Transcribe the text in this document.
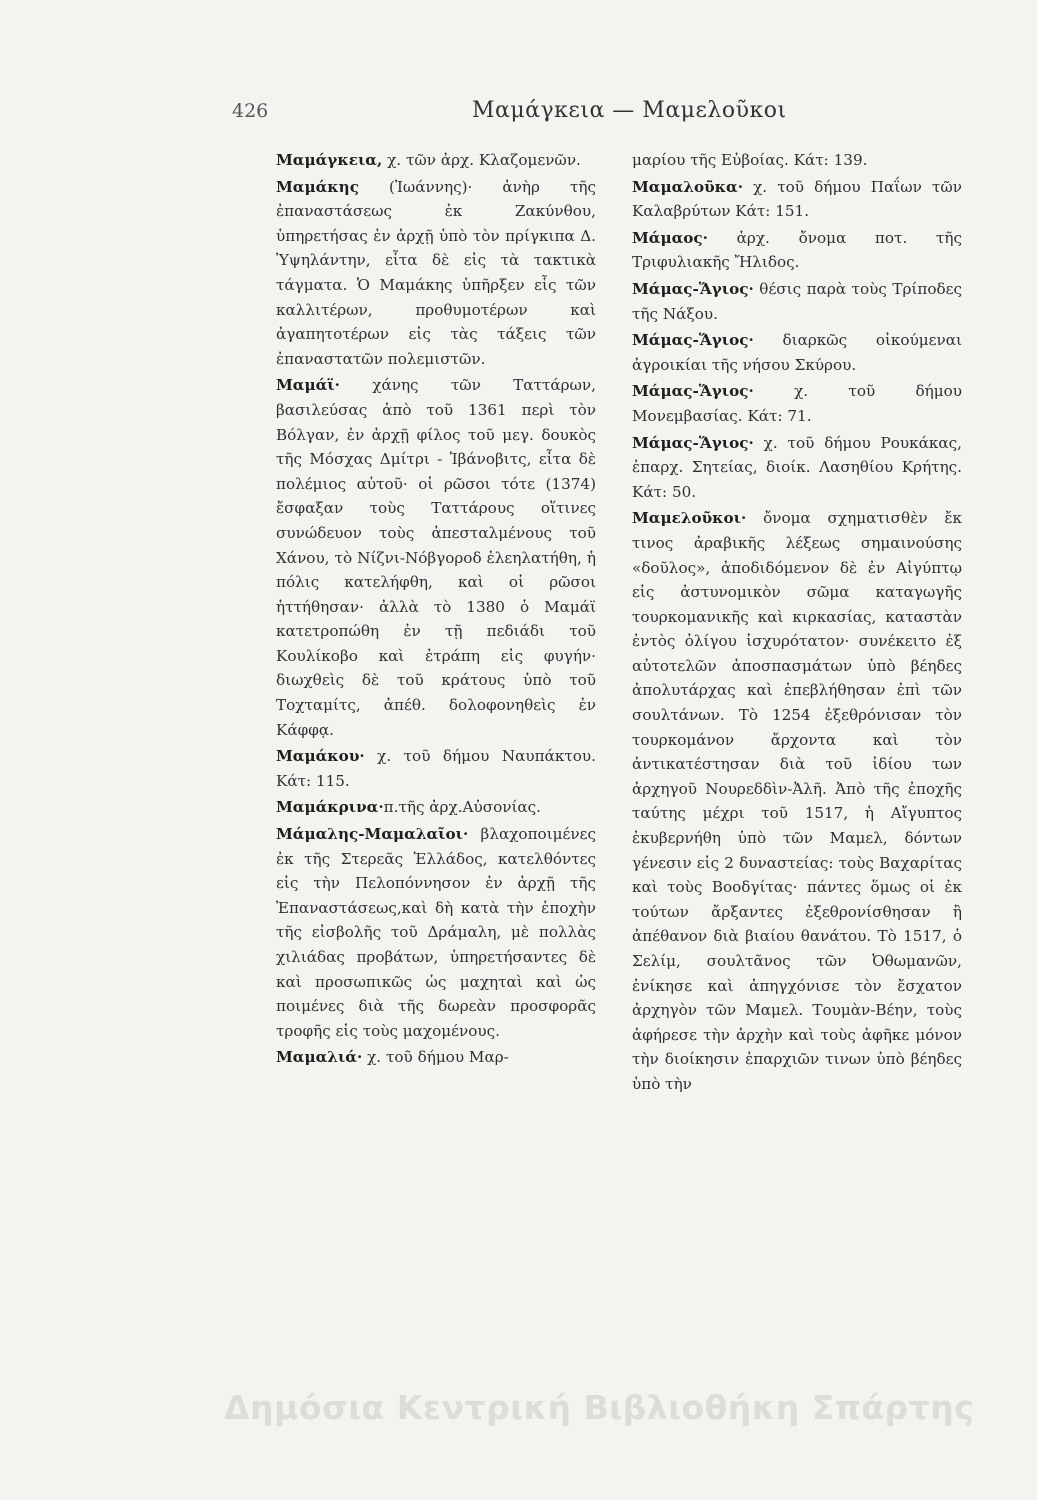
426	Μαμάγκεια — Μαμελοῦκοι

Μαμάγκεια, χ. τῶν ἀρχ. Κλαζομενῶν.

Μαμάκης (Ἰωάννης)· ἀνὴρ τῆς ἐπαναστάσεως ἐκ Ζακύνθου, ὑπηρετήσας ἐν ἀρχῇ ὑπὸ τὸν πρίγκιπα Δ. Ὑψηλάντην, εἶτα δὲ εἰς τὰ τακτικὰ τάγματα. Ὁ Μαμάκης ὑπῆρξεν εἷς τῶν καλλιτέρων, προθυμοτέρων καὶ ἀγαπητοτέρων εἰς τὰς τάξεις τῶν ἐπαναστατῶν πολεμιστῶν.

Μαμάϊ· χάνης τῶν Ταττάρων, βασιλεύσας ἀπὸ τοῦ 1361 περὶ τὸν Βόλγαν, ἐν ἀρχῇ φίλος τοῦ μεγ. δουκὸς τῆς Μόσχας Δμίτρι - Ἰβάνοβιτς, εἶτα δὲ πολέμιος αὐτοῦ· οἱ ρῶσοι τότε (1374) ἔσφαξαν τοὺς Ταττάρους οἵτινες συνώδευον τοὺς ἀπεσταλμένους τοῦ Χάνου, τὸ Νίζνι-Νόβγοροδ ἐλεηλατήθη, ἡ πόλις κατελήφθη, καὶ οἱ ρῶσοι ἡττήθησαν· ἀλλὰ τὸ 1380 ὁ Μαμάϊ κατετροπώθη ἐν τῇ πεδιάδι τοῦ Κουλίκοβο καὶ ἐτράπη εἰς φυγήν· διωχθεὶς δὲ τοῦ κράτους ὑπὸ τοῦ Τοχταμίτς, ἀπέθ. δολοφονηθεὶς ἐν Κάφφᾳ.

Μαμάκου· χ. τοῦ δήμου Ναυπάκτου. Κάτ: 115.

Μαμάκρινα·π.τῆς ἀρχ.Αὐσονίας.

Μάμαλης-Μαμαλαῖοι· βλαχοποιμένες ἐκ τῆς Στερεᾶς Ἑλλάδος, κατελθόντες εἰς τὴν Πελοπόννησον ἐν ἀρχῇ τῆς Ἐπαναστάσεως,καὶ δὴ κατὰ τὴν ἐποχὴν τῆς εἰσβολῆς τοῦ Δράμαλη, μὲ πολλὰς χιλιάδας προβάτων, ὑπηρετήσαντες δὲ καὶ προσωπικῶς ὡς μαχηταὶ καὶ ὡς ποιμένες διὰ τῆς δωρεὰν προσφορᾶς τροφῆς εἰς τοὺς μαχομένους.

Μαμαλιά· χ. τοῦ δήμου Μαρ-

μαρίου τῆς Εὐβοίας. Κάτ: 139.

Μαμαλοῦκα· χ. τοῦ δήμου Παΐων τῶν Καλαβρύτων Κάτ: 151.

Μάμαος· ἀρχ. ὄνομα ποτ. τῆς Τριφυλιακῆς Ἤλιδος.

Μάμας-Ἅγιος· θέσις παρὰ τοὺς Τρίποδες τῆς Νάξου.

Μάμας-Ἅγιος· διαρκῶς οἰκούμεναι ἀγροικίαι τῆς νήσου Σκύρου.

Μάμας-Ἅγιος· χ. τοῦ δήμου Μονεμβασίας. Κάτ: 71.

Μάμας-Ἅγιος· χ. τοῦ δήμου Ρουκάκας, ἐπαρχ. Σητείας, διοίκ. Λασηθίου Κρήτης. Κάτ: 50.

Μαμελοῦκοι· ὄνομα σχηματισθὲν ἔκ τινος ἀραβικῆς λέξεως σημαινούσης «δοῦλος», ἀποδιδόμενον δὲ ἐν Αἰγύπτῳ εἰς ἀστυνομικὸν σῶμα καταγωγῆς τουρκομανικῆς καὶ κιρκασίας, καταστὰν ἐντὸς ὀλίγου ἰσχυρότατον· συνέκειτο ἐξ αὐτοτελῶν ἀποσπασμάτων ὑπὸ βέηδες ἀπολυτάρχας καὶ ἐπεβλήθησαν ἐπὶ τῶν σουλτάνων. Τὸ 1254 ἐξεθρόνισαν τὸν τουρκομάνον ἄρχοντα καὶ τὸν ἀντικατέστησαν διὰ τοῦ ἰδίου των ἀρχηγοῦ Νουρεδδὶν-Ἀλῆ. Ἀπὸ τῆς ἐποχῆς ταύτης μέχρι τοῦ 1517, ἡ Αἴγυπτος ἐκυβερνήθη ὑπὸ τῶν Μαμελ, δόντων γένεσιν εἰς 2 δυναστείας: τοὺς Βαχαρίτας καὶ τοὺς Βοοδγίτας· πάντες ὅμως οἱ ἐκ τούτων ἄρξαντες ἐξεθρονίσθησαν ἢ ἀπέθανον διὰ βιαίου θανάτου. Τὸ 1517, ὁ Σελίμ, σουλτᾶνος τῶν Ὀθωμανῶν, ἐνίκησε καὶ ἀπηγχόνισε τὸν ἔσχατον ἀρχηγὸν τῶν Μαμελ. Τουμὰν-Βέην, τοὺς ἀφήρεσε τὴν ἀρχὴν καὶ τοὺς ἀφῆκε μόνον τὴν διοίκησιν ἐπαρχιῶν τινων ὑπὸ βέηδες ὑπὸ τὴν

Δημόσια Κεντρική Βιβλιοθήκη Σπάρτης
